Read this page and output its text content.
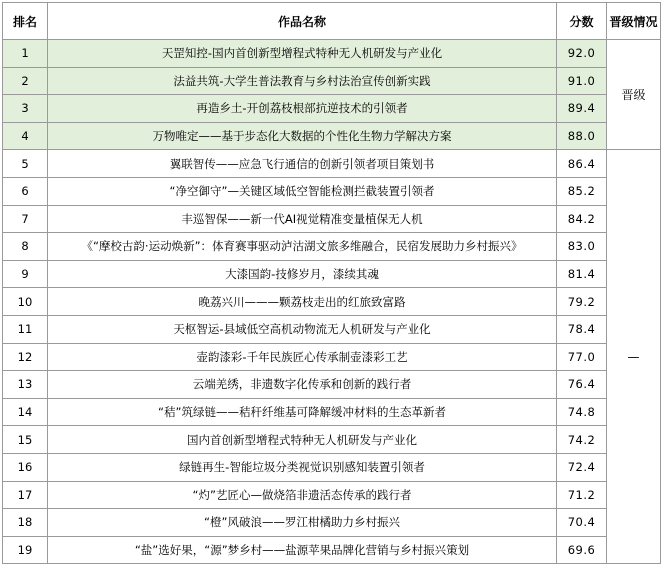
排名	作品名称	分数	晋级情况
1	天罡知控-国内首创新型增程式特种无人机研发与产业化	92.0	晋级
2	法益共筑-大学生普法教育与乡村法治宣传创新实践	91.0	
3	再造乡土-开创荔枝根部抗逆技术的引领者	89.4	
4	万物唯定——基于步态化大数据的个性化生物力学解决方案	88.0	
5	翼联智传——应急飞行通信的创新引领者项目策划书	86.4	—
6	“净空御守”—关键区域低空智能检测拦截装置引领者	85.2	
7	丰巡智保——新一代AI视觉精准变量植保无人机	84.2	
8	《“摩校古韵·运动焕新”：体育赛事驱动泸沽湖文旅多维融合，民宿发展助力乡村振兴》	83.0	
9	大漆国韵-技修岁月，漆续其魂	81.4	
10	晚荔兴川———颗荔枝走出的红旅致富路	79.2	
11	天枢智运-县域低空高机动物流无人机研发与产业化	78.4	
12	壶韵漆彩-千年民族匠心传承制壶漆彩工艺	77.0	
13	云端羌绣，非遗数字化传承和创新的践行者	76.4	
14	“秸”筑绿链——秸秆纤维基可降解缓冲材料的生态革新者	74.8	
15	国内首创新型增程式特种无人机研发与产业化	74.2	
16	绿链再生-智能垃圾分类视觉识别感知装置引领者	72.4	
17	“灼”艺匠心—做烧箔非遗活态传承的践行者	71.2	
18	“橙”风破浪——罗江柑橘助力乡村振兴	70.4	
19	“盐”选好果，“源”梦乡村——盐源苹果品牌化营销与乡村振兴策划	69.6	
